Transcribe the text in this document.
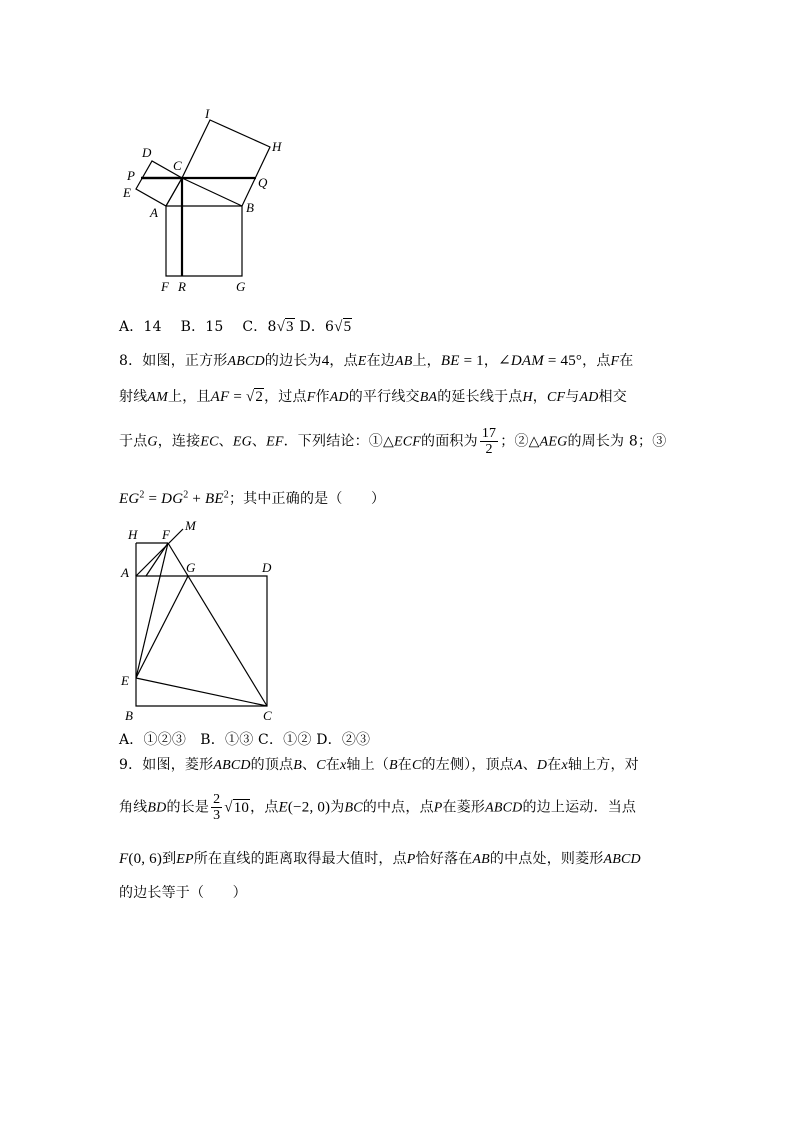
I
H
D
C
P
E
Q
A	B
F R	G
A．14　 B．15　 C．8√3 D．6√5
8．如图，正方形ABCD的边长为4，点E在边AB上，BE = 1，∠DAM = 45°，点F在
射线AM上，且AF = √2，过点F作AD的平行线交BA的延长线于点H，CF与AD相交
于点G，连接EC、EG、EF．下列结论：①△ECF的面积为 $\frac{17}{2}$ ；②△AEG的周长为 8；③
$EG^2 = DG^2 + BE^2$；其中正确的是（　　）
H F
M
A	G	D
E
B	C
A．①②③　B．①③ C．①② D．②③
9．如图，菱形ABCD的顶点B、C在x轴上（B在C的左侧），顶点A、D在x轴上方，对
角线BD的长是 $\frac{2}{3} √10$，点E(−2, 0)为BC的中点，点P在菱形ABCD的边上运动．当点
F(0, 6)到EP所在直线的距离取得最大值时，点P恰好落在AB的中点处，则菱形ABCD
的边长等于（　　）
